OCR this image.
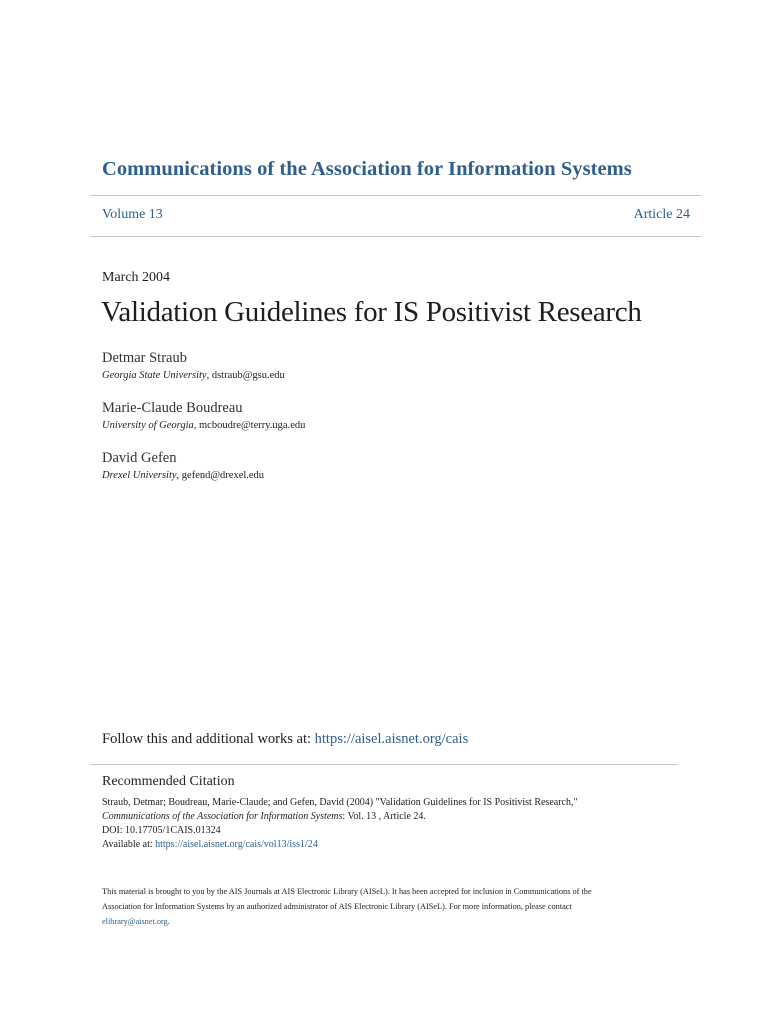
Communications of the Association for Information Systems
Volume 13	Article 24
March 2004
Validation Guidelines for IS Positivist Research
Detmar Straub
Georgia State University, dstraub@gsu.edu
Marie-Claude Boudreau
University of Georgia, mcboudre@terry.uga.edu
David Gefen
Drexel University, gefend@drexel.edu
Follow this and additional works at: https://aisel.aisnet.org/cais
Recommended Citation
Straub, Detmar; Boudreau, Marie-Claude; and Gefen, David (2004) "Validation Guidelines for IS Positivist Research,"
Communications of the Association for Information Systems: Vol. 13 , Article 24.
DOI: 10.17705/1CAIS.01324
Available at: https://aisel.aisnet.org/cais/vol13/iss1/24
This material is brought to you by the AIS Journals at AIS Electronic Library (AISeL). It has been accepted for inclusion in Communications of the
Association for Information Systems by an authorized administrator of AIS Electronic Library (AISeL). For more information, please contact
elibrary@aisnet.org.
